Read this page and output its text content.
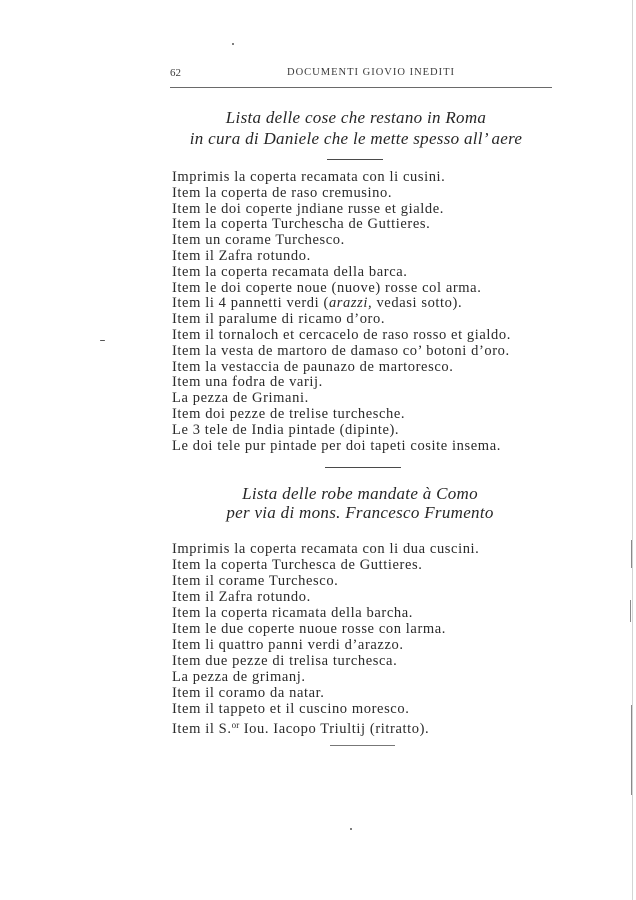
62	DOCUMENTI GIOVIO INEDITI
Lista delle cose che restano in Roma
in cura di Daniele che le mette spesso all’ aere
Imprimis la coperta recamata con li cusini.
Item la coperta de raso cremusino.
Item le doi coperte jndiane russe et gialde.
Item la coperta Turchescha de Guttieres.
Item un corame Turchesco.
Item il Zafra rotundo.
Item la coperta recamata della barca.
Item le doi coperte noue (nuove) rosse col arma.
Item li 4 pannetti verdi (arazzi, vedasi sotto).
Item il paralume di ricamo d’oro.
Item il tornaloch et cercacelo de raso rosso et gialdo.
Item la vesta de martoro de damaso co’ botoni d’oro.
Item la vestaccia de paunazo de martoresco.
Item una fodra de varij.
La pezza de Grimani.
Item doi pezze de trelise turchesche.
Le 3 tele de India pintade (dipinte).
Le doi tele pur pintade per doi tapeti cosite insema.
Lista delle robe mandate à Como
per via di mons. Francesco Frumento
Imprimis la coperta recamata con li dua cuscini.
Item la coperta Turchesca de Guttieres.
Item il corame Turchesco.
Item il Zafra rotundo.
Item la coperta ricamata della barcha.
Item le due coperte nuoue rosse con larma.
Item li quattro panni verdi d’arazzo.
Item due pezze di trelisa turchesca.
La pezza de grimanj.
Item il coramo da natar.
Item il tappeto et il cuscino moresco.
Item il S.$^{or}$ Iou. Iacopo Triultij (ritratto).
